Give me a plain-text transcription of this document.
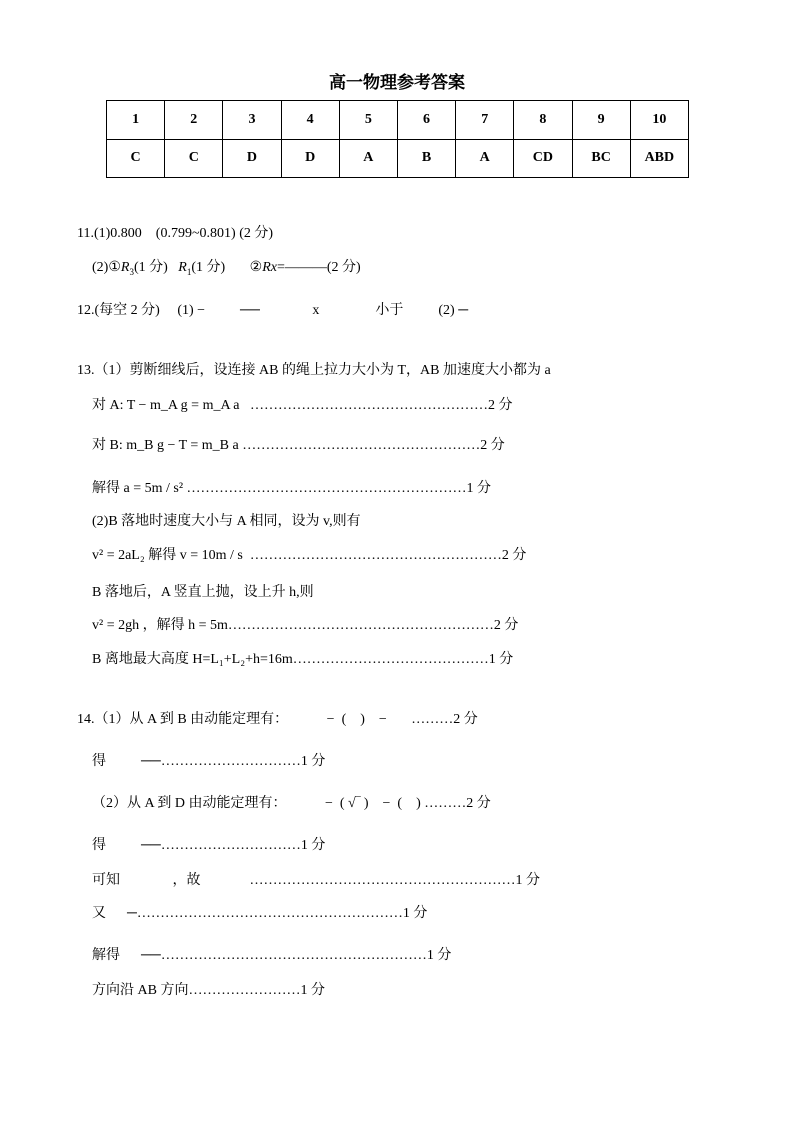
高一物理参考答案
1	2	3	4	5	6	7	8	9	10
C	C	D	D	A	B	A	CD	BC	ABD
11.(1)0.800    (0.799~0.801) (2 分)
$(2)①R_3(1$ 分)   $R_1(1$ 分)       ②Rx=———(2 分)
12.(每空 2 分)     (1) −          ──               x                小于          (2) ─
13.（1）剪断细线后，设连接 AB 的绳上拉力大小为 T，AB 加速度大小都为 a
对 A: T − m_A g = m_A a   ……………………………………………2 分
对 B: m_B g − T = m_B a ……………………………………………2 分
解得 a = 5m / s² ……………………………………………………1 分
(2)B 落地时速度大小与 A 相同，设为 v,则有
v² = 2aL₂ 解得 v = 10m / s  ………………………………………………2 分
B 落地后，A 竖直上抛，设上升 h,则
v² = 2gh ，解得 h = 5m…………………………………………………2 分
B 离地最大高度 H=L₁+L₂+h=16m……………………………………1 分
14.（1）从 A 到 B 由动能定理有：           −  (    )    −       ………2 分
得          ──…………………………1 分
（2）从 A 到 D 由动能定理有：           −  ( √‾ )    −  (    ) ………2 分
得          ──…………………………1 分
可知               ，故              …………………………………………………1 分
又      ─…………………………………………………1 分
解得      ──…………………………………………………1 分
方向沿 AB 方向……………………1 分
